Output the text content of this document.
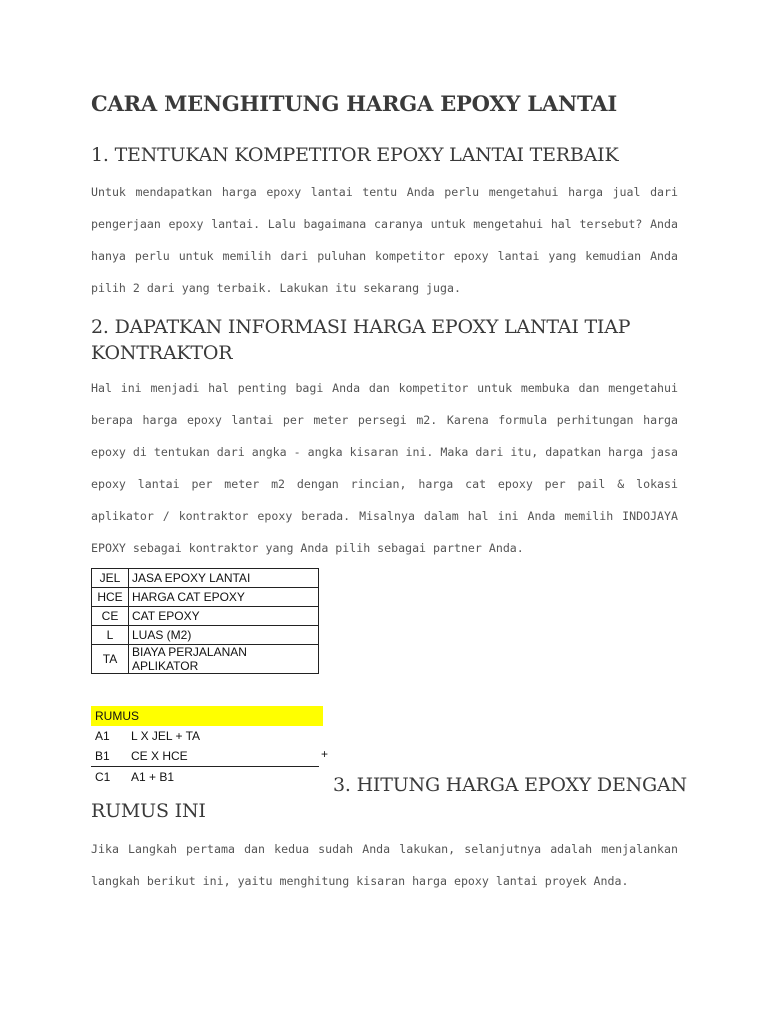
CARA MENGHITUNG HARGA EPOXY LANTAI
1. TENTUKAN KOMPETITOR EPOXY LANTAI TERBAIK

Untuk mendapatkan harga epoxy lantai tentu Anda perlu mengetahui harga jual dari pengerjaan epoxy lantai. Lalu bagaimana caranya untuk mengetahui hal tersebut? Anda hanya perlu untuk memilih dari puluhan kompetitor epoxy lantai yang kemudian Anda pilih 2 dari yang terbaik. Lakukan itu sekarang juga.

2. DAPATKAN INFORMASI HARGA EPOXY LANTAI TIAP KONTRAKTOR

Hal ini menjadi hal penting bagi Anda dan kompetitor untuk membuka dan mengetahui berapa harga epoxy lantai per meter persegi m2. Karena formula perhitungan harga epoxy di tentukan dari angka - angka kisaran ini. Maka dari itu, dapatkan harga jasa epoxy lantai per meter m2 dengan rincian, harga cat epoxy per pail & lokasi aplikator / kontraktor epoxy berada. Misalnya dalam hal ini Anda memilih INDOJAYA EPOXY sebagai kontraktor yang Anda pilih sebagai partner Anda.

JEL	JASA EPOXY LANTAI
HCE	HARGA CAT EPOXY
CE	CAT EPOXY
L	LUAS (M2)
TA	BIAYA PERJALANAN APLIKATOR
RUMUS
A1 L X JEL + TA
B1 CE X HCE	+
C1 A1 + B1	3. HITUNG HARGA EPOXY DENGAN
RUMUS INI

Jika Langkah pertama dan kedua sudah Anda lakukan, selanjutnya adalah menjalankan langkah berikut ini, yaitu menghitung kisaran harga epoxy lantai proyek Anda.
